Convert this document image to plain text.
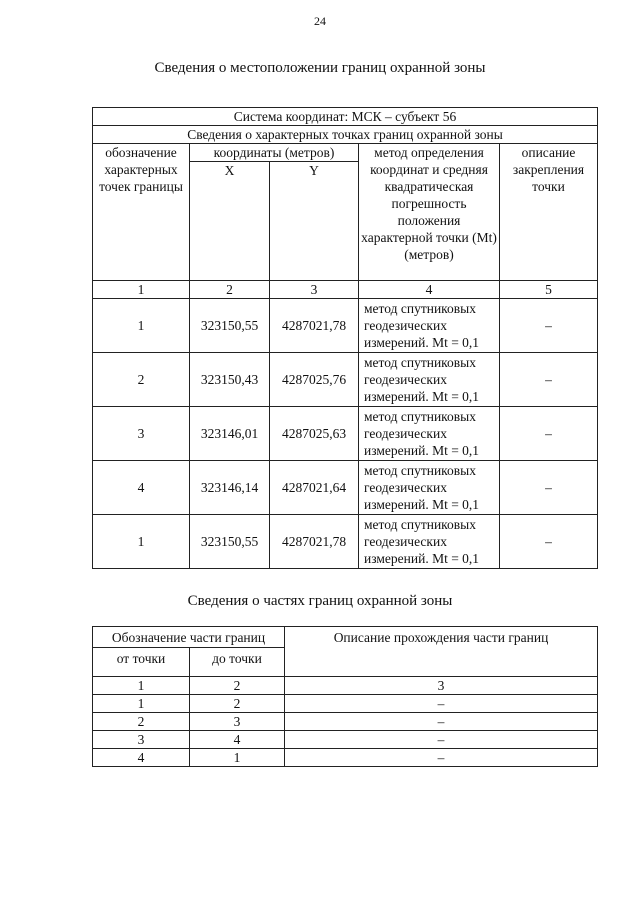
24
Сведения о местоположении границ охранной зоны
Система координат: МСК – субъект 56				
Сведения о характерных точках границ охранной зоны				
обозначение характерных точек границы	координаты (метров)		метод определения координат и средняя квадратическая погрешность положения характерной точки (Mt) (метров)	описание закрепления точки
	X	Y		
1	2	3	4	5
1	323150,55	4287021,78	метод спутниковых геодезических измерений. Mt = 0,1	–
2	323150,43	4287025,76	метод спутниковых геодезических измерений. Mt = 0,1	–
3	323146,01	4287025,63	метод спутниковых геодезических измерений. Mt = 0,1	–
4	323146,14	4287021,64	метод спутниковых геодезических измерений. Mt = 0,1	–
1	323150,55	4287021,78	метод спутниковых геодезических измерений. Mt = 0,1	–
Сведения о частях границ охранной зоны
Обозначение части границ		Описание прохождения части границ
от точки	до точки	
1	2	3
1	2	–
2	3	–
3	4	–
4	1	–
